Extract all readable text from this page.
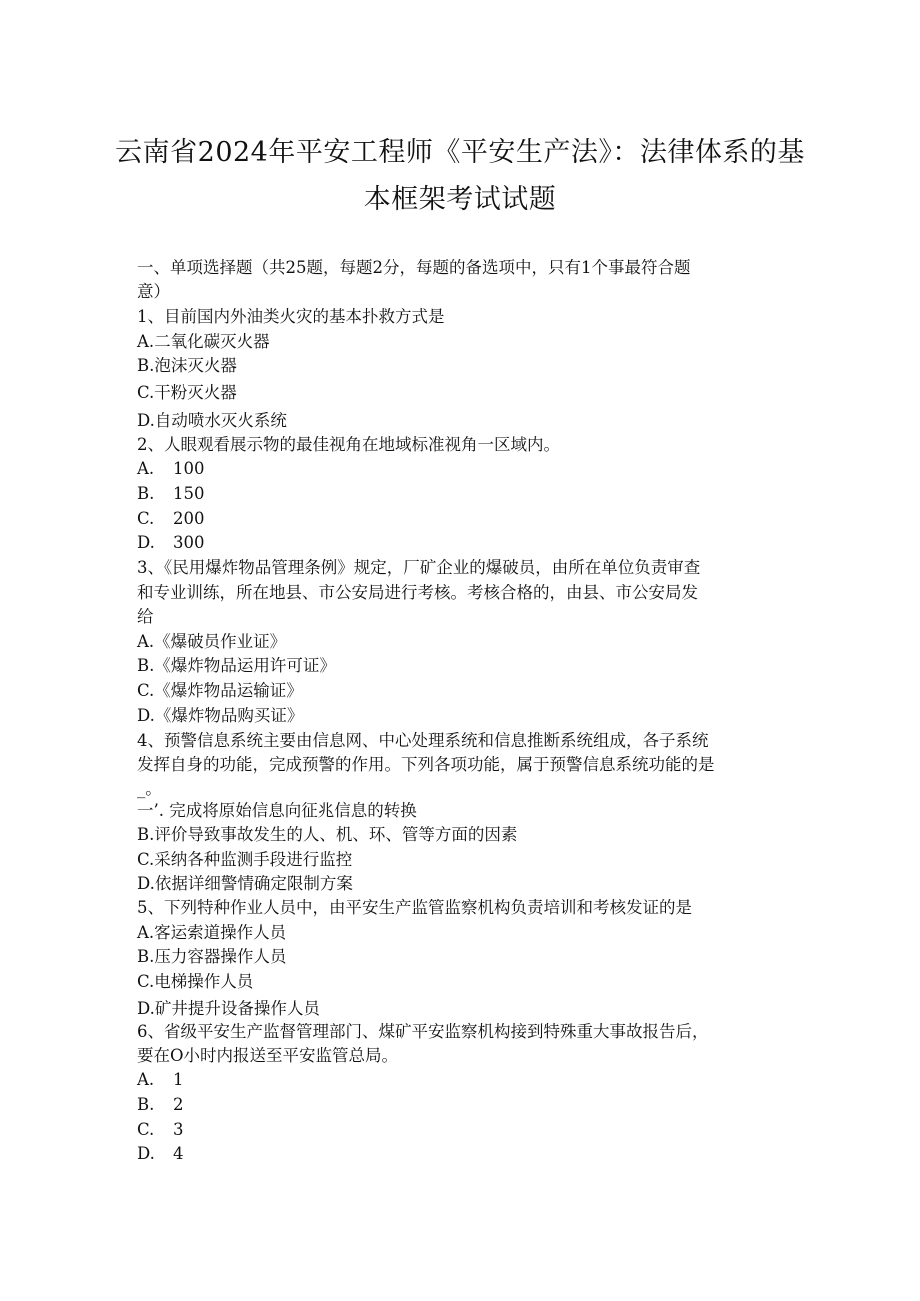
云南省2024年平安工程师《平安生产法》：法律体系的基
本框架考试试题
一、单项选择题（共25题，每题2分，每题的备选项中，只有1个事最符合题
意）
1、目前国内外油类火灾的基本扑救方式是
A.二氧化碳灭火器
B.泡沫灭火器
C.干粉灭火器
D.自动喷水灭火系统
2、人眼观看展示物的最佳视角在地域标准视角一区域内。
A. 100
B. 150
C. 200
D. 300
3、《民用爆炸物品管理条例》规定，厂矿企业的爆破员，由所在单位负责审查
和专业训练，所在地县、市公安局进行考核。考核合格的，由县、市公安局发
给
A.《爆破员作业证》
B.《爆炸物品运用许可证》
C.《爆炸物品运输证》
D.《爆炸物品购买证》
4、预警信息系统主要由信息网、中心处理系统和信息推断系统组成，各子系统
发挥自身的功能，完成预警的作用。下列各项功能，属于预警信息系统功能的是
_。
一’. 完成将原始信息向征兆信息的转换
B.评价导致事故发生的人、机、环、管等方面的因素
C.采纳各种监测手段进行监控
D.依据详细警情确定限制方案
5、下列特种作业人员中，由平安生产监管监察机构负责培训和考核发证的是
A.客运索道操作人员
B.压力容器操作人员
C.电梯操作人员
D.矿井提升设备操作人员
6、省级平安生产监督管理部门、煤矿平安监察机构接到特殊重大事故报告后，
要在O小时内报送至平安监管总局。
A. 1
B. 2
C. 3
D. 4
